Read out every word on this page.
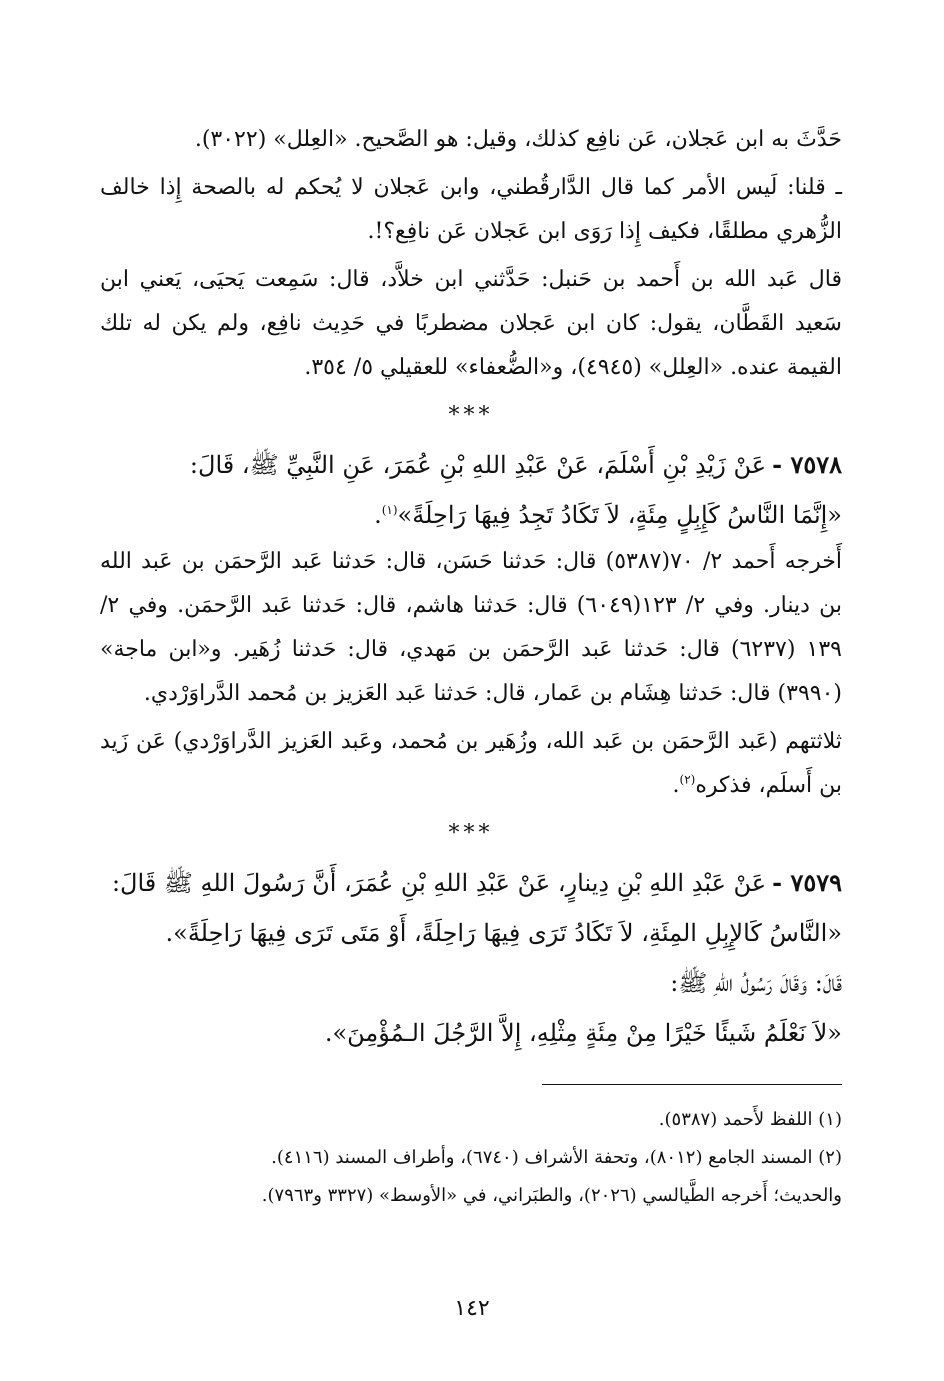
حَدَّثَ به ابن عَجلان، عَن نافِع كذلك، وقيل: هو الصَّحيح. «العِلل» (٣٠٢٢).

ـ قلنا: لَيس الأمر كما قال الدَّارقُطني، وابن عَجلان لا يُحكم له بالصحة إِذا خالف الزُّهري مطلقًا، فكيف إِذا رَوَى ابن عَجلان عَن نافِع؟!.

قال عَبد الله بن أَحمد بن حَنبل: حَدَّثني ابن خلاَّد، قال: سَمِعت يَحيَى، يَعني ابن سَعيد القَطَّان، يقول: كان ابن عَجلان مضطربًا في حَدِيث نافِع، ولم يكن له تلك القيمة عنده. «العِلل» (٤٩٤٥)، و«الضُّعفاء» للعقيلي ٥/ ٣٥٤.

***

٧٥٧٨ -عَنْ زَيْدِ بْنِ أَسْلَمَ، عَنْ عَبْدِ اللهِ بْنِ عُمَرَ، عَنِ النَّبِيِّ ﷺ، قَالَ:

«إِنَّمَا النَّاسُ كَإِبِلٍ مِئَةٍ، لاَ تَكَادُ تَجِدُ فِيهَا رَاحِلَةً»$^{(١)}$.

أَخرجه أَحمد ٢/ ٧٠(٥٣٨٧) قال: حَدثنا حَسَن، قال: حَدثنا عَبد الرَّحمَن بن عَبد الله بن دينار. وفي ٢/ ١٢٣(٦٠٤٩) قال: حَدثنا هاشم، قال: حَدثنا عَبد الرَّحمَن. وفي ٢/ ١٣٩ (٦٢٣٧) قال: حَدثنا عَبد الرَّحمَن بن مَهدي، قال: حَدثنا زُهَير. و«ابن ماجة» (٣٩٩٠) قال: حَدثنا هِشَام بن عَمار، قال: حَدثنا عَبد العَزيز بن مُحمد الدَّراوَرْدي.

ثلاثتهم (عَبد الرَّحمَن بن عَبد الله، وزُهَير بن مُحمد، وعَبد العَزيز الدَّراوَرْدي) عَن زَيد بن أَسلَم، فذكره$^{(٢)}$.

***

٧٥٧٩ -عَنْ عَبْدِ اللهِ بْنِ دِينارٍ، عَنْ عَبْدِ اللهِ بْنِ عُمَرَ، أَنَّ رَسُولَ اللهِ ﷺ قَالَ:

«النَّاسُ كَالإِبِلِ المِئَةِ، لاَ تَكَادُ تَرَى فِيهَا رَاحِلَةً، أَوْ مَتَى تَرَى فِيهَا رَاحِلَةً».

قَالَ: وَقَالَ رَسُولُ اللهِ ﷺ:

«لاَ نَعْلَمُ شَيئًا خَيْرًا مِنْ مِئَةٍ مِثْلِهِ، إِلاَّ الرَّجُلَ الـمُؤْمِنَ».

(١) اللفظ لأَحمد (٥٣٨٧).

(٢) المسند الجامع (٨٠١٢)، وتحفة الأشراف (٦٧٤٠)، وأطراف المسند (٤١١٦).

والحديث؛ أَخرجه الطَّيالسي (٢٠٢٦)، والطبَراني، في «الأوسط» (٣٣٢٧ و٧٩٦٣).

١٤٢
